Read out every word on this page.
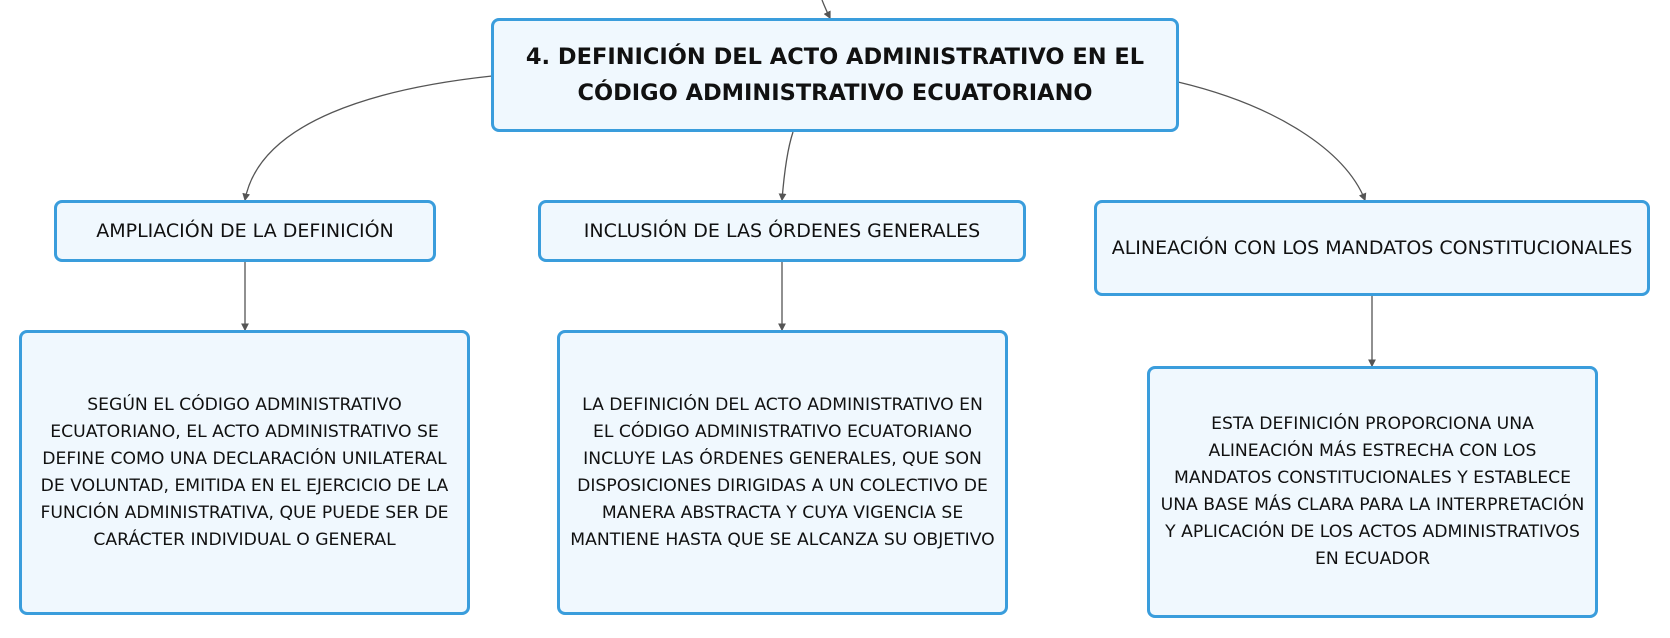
4. DEFINICIÓN DEL ACTO ADMINISTRATIVO EN EL CÓDIGO ADMINISTRATIVO ECUATORIANO
AMPLIACIÓN DE LA DEFINICIÓN	INCLUSIÓN DE LAS ÓRDENES GENERALES
ALINEACIÓN CON LOS MANDATOS CONSTITUCIONALES
SEGÚN EL CÓDIGO ADMINISTRATIVO ECUATORIANO, EL ACTO ADMINISTRATIVO SE DEFINE COMO UNA DECLARACIÓN UNILATERAL DE VOLUNTAD, EMITIDA EN EL EJERCICIO DE LA FUNCIÓN ADMINISTRATIVA, QUE PUEDE SER DE CARÁCTER INDIVIDUAL O GENERAL
LA DEFINICIÓN DEL ACTO ADMINISTRATIVO EN EL CÓDIGO ADMINISTRATIVO ECUATORIANO INCLUYE LAS ÓRDENES GENERALES, QUE SON DISPOSICIONES DIRIGIDAS A UN COLECTIVO DE MANERA ABSTRACTA Y CUYA VIGENCIA SE MANTIENE HASTA QUE SE ALCANZA SU OBJETIVO
ESTA DEFINICIÓN PROPORCIONA UNA ALINEACIÓN MÁS ESTRECHA CON LOS MANDATOS CONSTITUCIONALES Y ESTABLECE UNA BASE MÁS CLARA PARA LA INTERPRETACIÓN Y APLICACIÓN DE LOS ACTOS ADMINISTRATIVOS EN ECUADOR
